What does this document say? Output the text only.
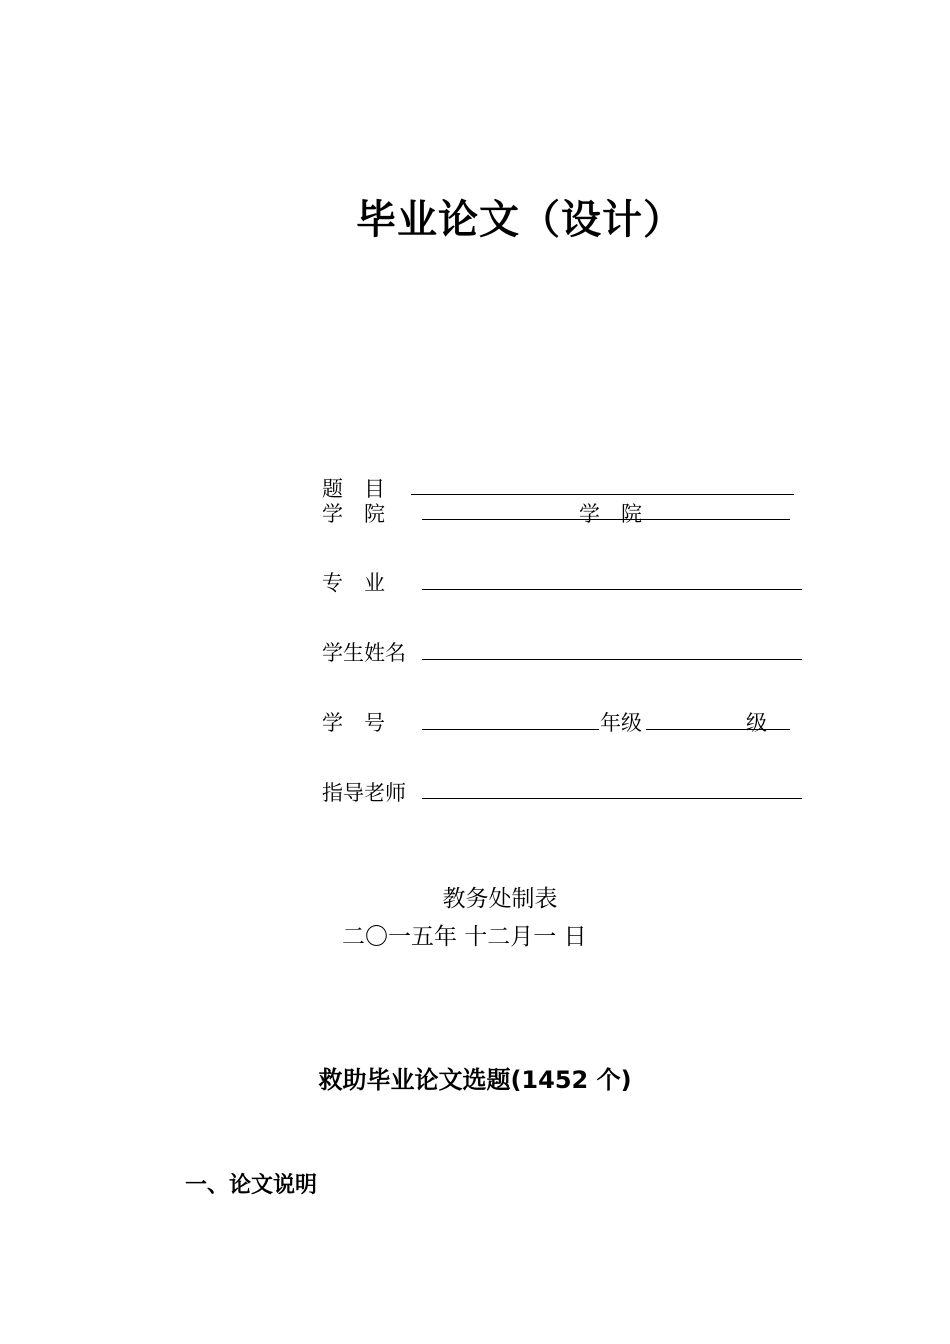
毕业论文（设计）
题　目
学　院	学　院
专　业
学生姓名
学　号	年级	级
指导老师
教务处制表
二〇一五年 十二月一 日
救助毕业论文选题(1452 个)
一、论文说明
